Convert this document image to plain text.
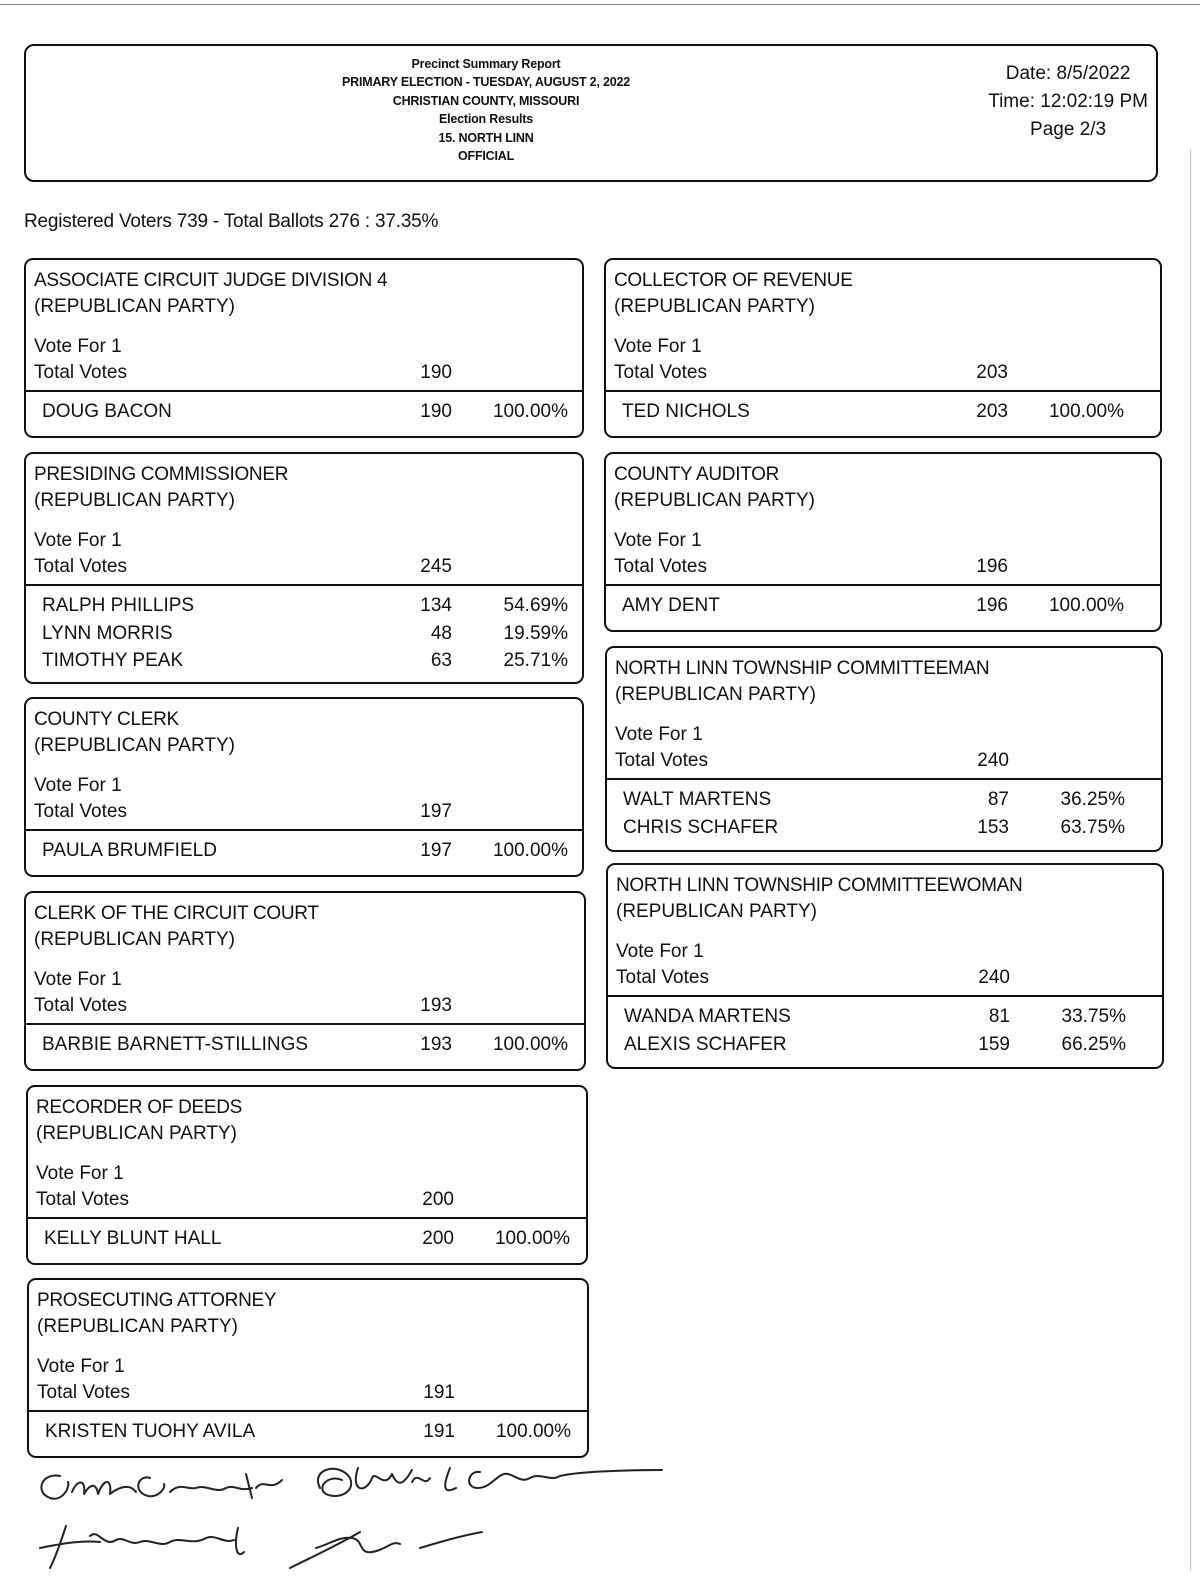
Precinct Summary Report
PRIMARY ELECTION - TUESDAY, AUGUST 2, 2022
CHRISTIAN COUNTY, MISSOURI
Election Results
15. NORTH LINN
OFFICIAL
Date: 8/5/2022
Time: 12:02:19 PM
Page 2/3
Registered Voters 739 - Total Ballots 276 : 37.35%
ASSOCIATE CIRCUIT JUDGE DIVISION 4
(REPUBLICAN PARTY)
Vote For 1
Total Votes	190
DOUG BACON	190	100.00%
PRESIDING COMMISSIONER
(REPUBLICAN PARTY)
Vote For 1
Total Votes	245
RALPH PHILLIPS	134	54.69%
LYNN MORRIS	48	19.59%
TIMOTHY PEAK	63	25.71%
COUNTY CLERK
(REPUBLICAN PARTY)
Vote For 1
Total Votes	197
PAULA BRUMFIELD	197	100.00%
CLERK OF THE CIRCUIT COURT
(REPUBLICAN PARTY)
Vote For 1
Total Votes	193
BARBIE BARNETT-STILLINGS	193	100.00%
RECORDER OF DEEDS
(REPUBLICAN PARTY)
Vote For 1
Total Votes	200
KELLY BLUNT HALL	200	100.00%
PROSECUTING ATTORNEY
(REPUBLICAN PARTY)
Vote For 1
Total Votes	191
KRISTEN TUOHY AVILA	191	100.00%
COLLECTOR OF REVENUE
(REPUBLICAN PARTY)
Vote For 1
Total Votes	203
TED NICHOLS	203	100.00%
COUNTY AUDITOR
(REPUBLICAN PARTY)
Vote For 1
Total Votes	196
AMY DENT	196	100.00%
NORTH LINN TOWNSHIP COMMITTEEMAN
(REPUBLICAN PARTY)
Vote For 1
Total Votes	240
WALT MARTENS	87	36.25%
CHRIS SCHAFER	153	63.75%
NORTH LINN TOWNSHIP COMMITTEEWOMAN
(REPUBLICAN PARTY)
Vote For 1
Total Votes	240
WANDA MARTENS	81	33.75%
ALEXIS SCHAFER	159	66.25%
